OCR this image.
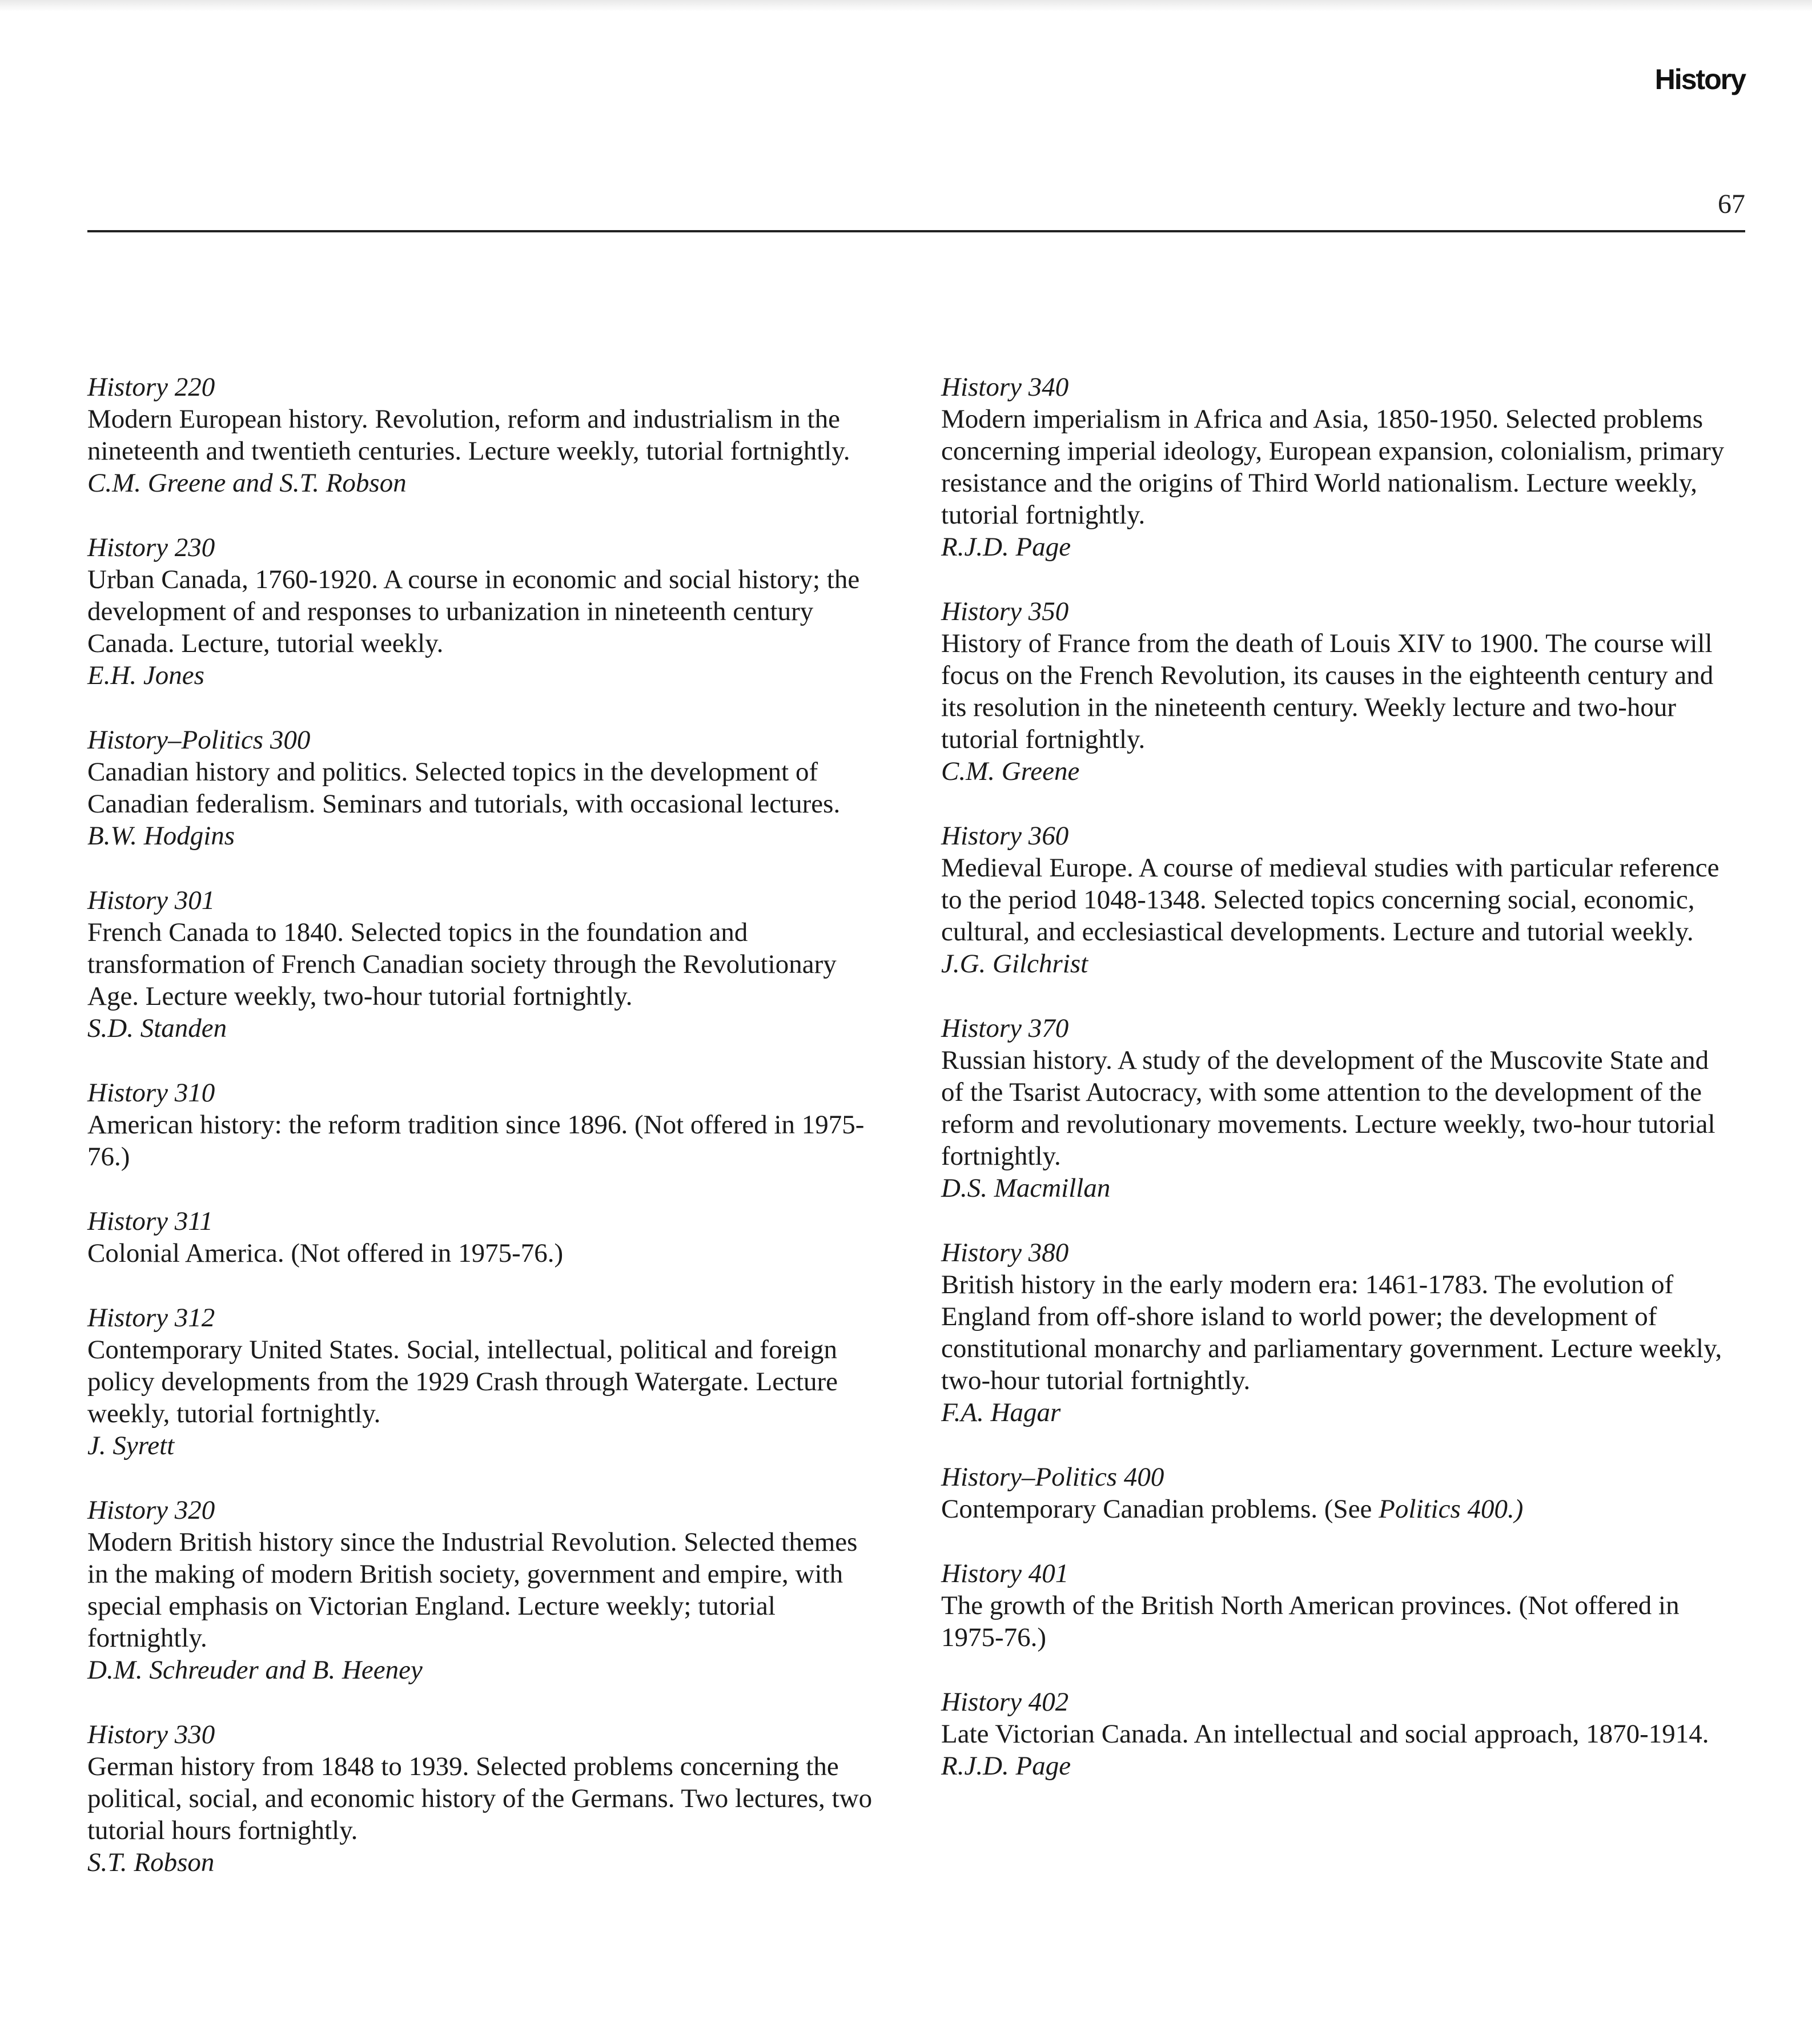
History
67
History 220
Modern European history. Revolution, reform and industrialism in the nineteenth and twentieth centuries. Lecture weekly, tutorial fortnightly.
C.M. Greene and S.T. Robson
History 230
Urban Canada, 1760-1920. A course in economic and social history; the development of and responses to urbanization in nineteenth century Canada. Lecture, tutorial weekly.
E.H. Jones
History–Politics 300
Canadian history and politics. Selected topics in the development of Canadian federalism. Seminars and tutorials, with occasional lectures.
B.W. Hodgins
History 301
French Canada to 1840. Selected topics in the foundation and transformation of French Canadian society through the Revolutionary Age. Lecture weekly, two-hour tutorial fortnightly.
S.D. Standen
History 310
American history: the reform tradition since 1896. (Not offered in 1975-76.)
History 311
Colonial America. (Not offered in 1975-76.)
History 312
Contemporary United States. Social, intellectual, political and foreign policy developments from the 1929 Crash through Watergate. Lecture weekly, tutorial fortnightly.
J. Syrett
History 320
Modern British history since the Industrial Revolution. Selected themes in the making of modern British society, government and empire, with special emphasis on Victorian England. Lecture weekly; tutorial fortnightly.
D.M. Schreuder and B. Heeney
History 330
German history from 1848 to 1939. Selected problems concerning the political, social, and economic history of the Germans. Two lectures, two tutorial hours fortnightly.
S.T. Robson
History 340
Modern imperialism in Africa and Asia, 1850-1950. Selected problems concerning imperial ideology, European expansion, colonialism, primary resistance and the origins of Third World nationalism. Lecture weekly, tutorial fortnightly.
R.J.D. Page
History 350
History of France from the death of Louis XIV to 1900. The course will focus on the French Revolution, its causes in the eighteenth century and its resolution in the nineteenth century. Weekly lecture and two-hour tutorial fortnightly.
C.M. Greene
History 360
Medieval Europe. A course of medieval studies with particular reference to the period 1048-1348. Selected topics concerning social, economic, cultural, and ecclesiastical developments. Lecture and tutorial weekly.
J.G. Gilchrist
History 370
Russian history. A study of the development of the Muscovite State and of the Tsarist Autocracy, with some attention to the development of the reform and revolutionary movements. Lecture weekly, two-hour tutorial fortnightly.
D.S. Macmillan
History 380
British history in the early modern era: 1461-1783. The evolution of England from off-shore island to world power; the development of constitutional monarchy and parliamentary government. Lecture weekly, two-hour tutorial fortnightly.
F.A. Hagar
History–Politics 400
Contemporary Canadian problems. (See Politics 400.)
History 401
The growth of the British North American provinces. (Not offered in 1975-76.)
History 402
Late Victorian Canada. An intellectual and social approach, 1870-1914.
R.J.D. Page
